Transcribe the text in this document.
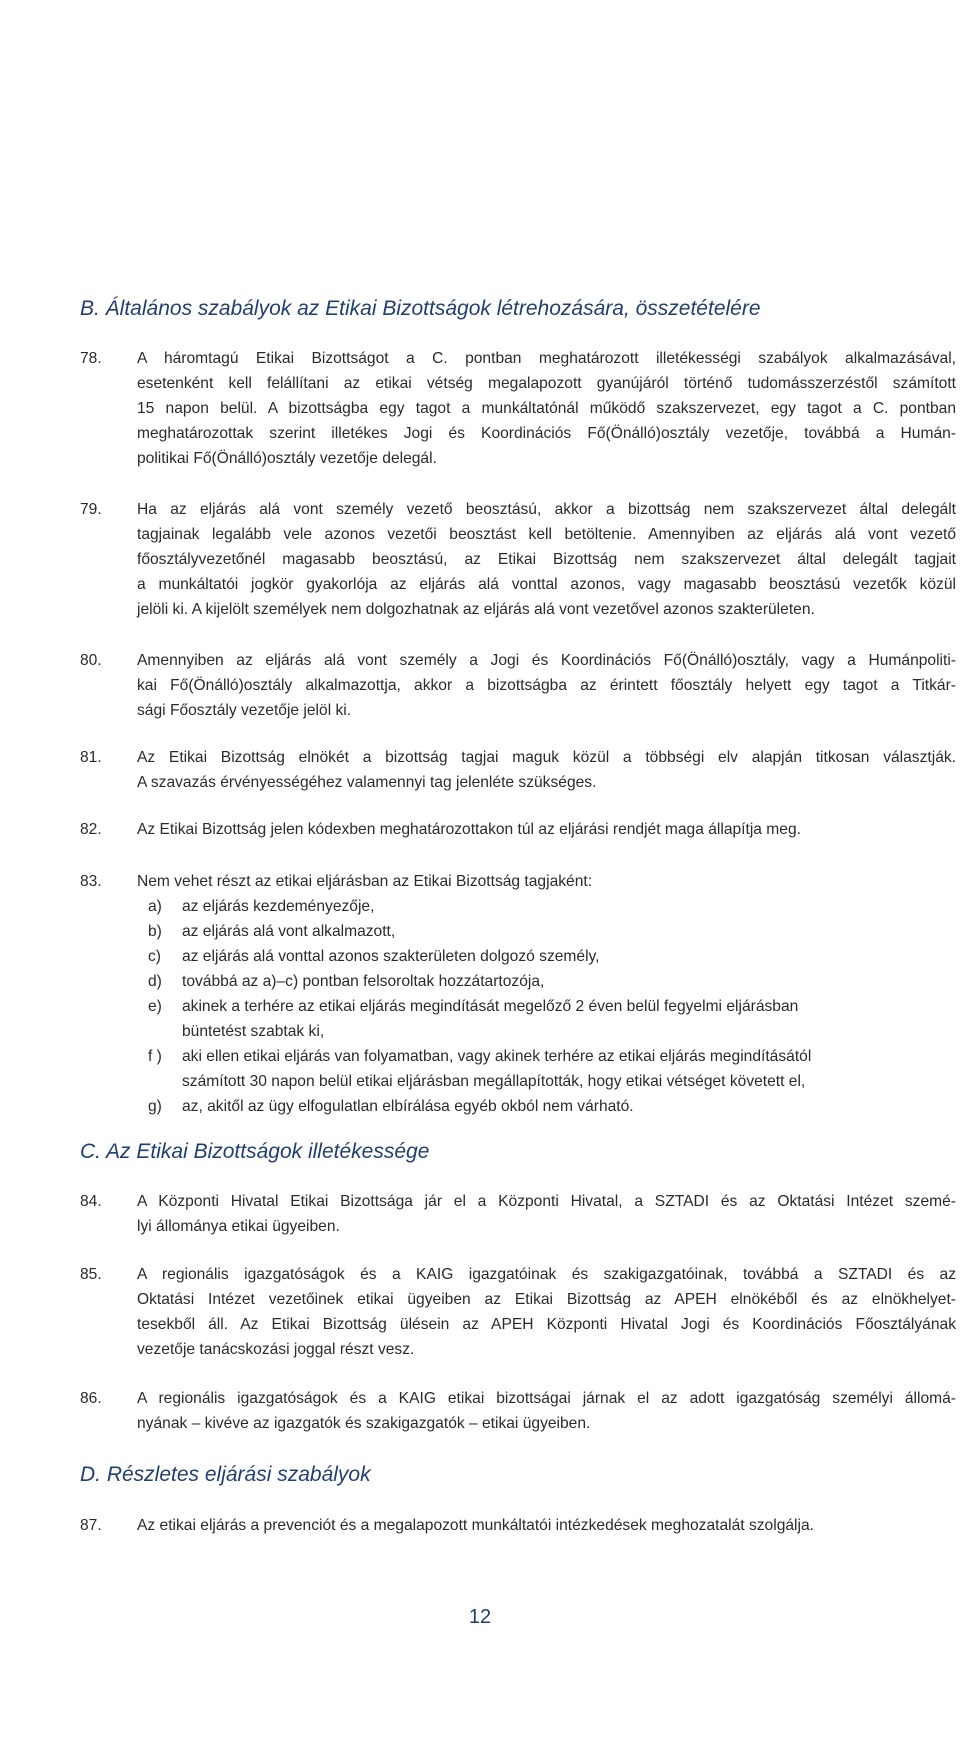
B. Általános szabályok az Etikai Bizottságok létrehozására, összetételére
78. A háromtagú Etikai Bizottságot a C. pontban meghatározott illetékességi szabályok alkalmazásával,
esetenként kell felállítani az etikai vétség megalapozott gyanújáról történő tudomásszerzéstől számított
15 napon belül. A bizottságba egy tagot a munkáltatónál működő szakszervezet, egy tagot a C. pontban
meghatározottak szerint illetékes Jogi és Koordinációs Fő(Önálló)osztály vezetője, továbbá a Humán-
politikai Fő(Önálló)osztály vezetője delegál.
79. Ha az eljárás alá vont személy vezető beosztású, akkor a bizottság nem szakszervezet által delegált
tagjainak legalább vele azonos vezetői beosztást kell betöltenie. Amennyiben az eljárás alá vont vezető
főosztályvezetőnél magasabb beosztású, az Etikai Bizottság nem szakszervezet által delegált tagjait
a munkáltatói jogkör gyakorlója az eljárás alá vonttal azonos, vagy magasabb beosztású vezetők közül
jelöli ki. A kijelölt személyek nem dolgozhatnak az eljárás alá vont vezetővel azonos szakterületen.
80. Amennyiben az eljárás alá vont személy a Jogi és Koordinációs Fő(Önálló)osztály, vagy a Humánpoliti-
kai Fő(Önálló)osztály alkalmazottja, akkor a bizottságba az érintett főosztály helyett egy tagot a Titkár-
sági Főosztály vezetője jelöl ki.
81. Az Etikai Bizottság elnökét a bizottság tagjai maguk közül a többségi elv alapján titkosan választják.
A szavazás érvényességéhez valamennyi tag jelenléte szükséges.
82. Az Etikai Bizottság jelen kódexben meghatározottakon túl az eljárási rendjét maga állapítja meg.
83. Nem vehet részt az etikai eljárásban az Etikai Bizottság tagjaként:
a) az eljárás kezdeményezője,
b) az eljárás alá vont alkalmazott,
c) az eljárás alá vonttal azonos szakterületen dolgozó személy,
d) továbbá az a)–c) pontban felsoroltak hozzátartozója,
e) akinek a terhére az etikai eljárás megindítását megelőző 2 éven belül fegyelmi eljárásban
büntetést szabtak ki,
f ) aki ellen etikai eljárás van folyamatban, vagy akinek terhére az etikai eljárás megindításától
számított 30 napon belül etikai eljárásban megállapították, hogy etikai vétséget követett el,
g) az, akitől az ügy elfogulatlan elbírálása egyéb okból nem várható.
C. Az Etikai Bizottságok illetékessége
84. A Központi Hivatal Etikai Bizottsága jár el a Központi Hivatal, a SZTADI és az Oktatási Intézet szemé-
lyi állománya etikai ügyeiben.
85. A regionális igazgatóságok és a KAIG igazgatóinak és szakigazgatóinak, továbbá a SZTADI és az
Oktatási Intézet vezetőinek etikai ügyeiben az Etikai Bizottság az APEH elnökéből és az elnökhelyet-
tesekből áll. Az Etikai Bizottság ülésein az APEH Központi Hivatal Jogi és Koordinációs Főosztályának
vezetője tanácskozási joggal részt vesz.
86. A regionális igazgatóságok és a KAIG etikai bizottságai járnak el az adott igazgatóság személyi állomá-
nyának – kivéve az igazgatók és szakigazgatók – etikai ügyeiben.
D. Részletes eljárási szabályok
87. Az etikai eljárás a prevenciót és a megalapozott munkáltatói intézkedések meghozatalát szolgálja.
12
